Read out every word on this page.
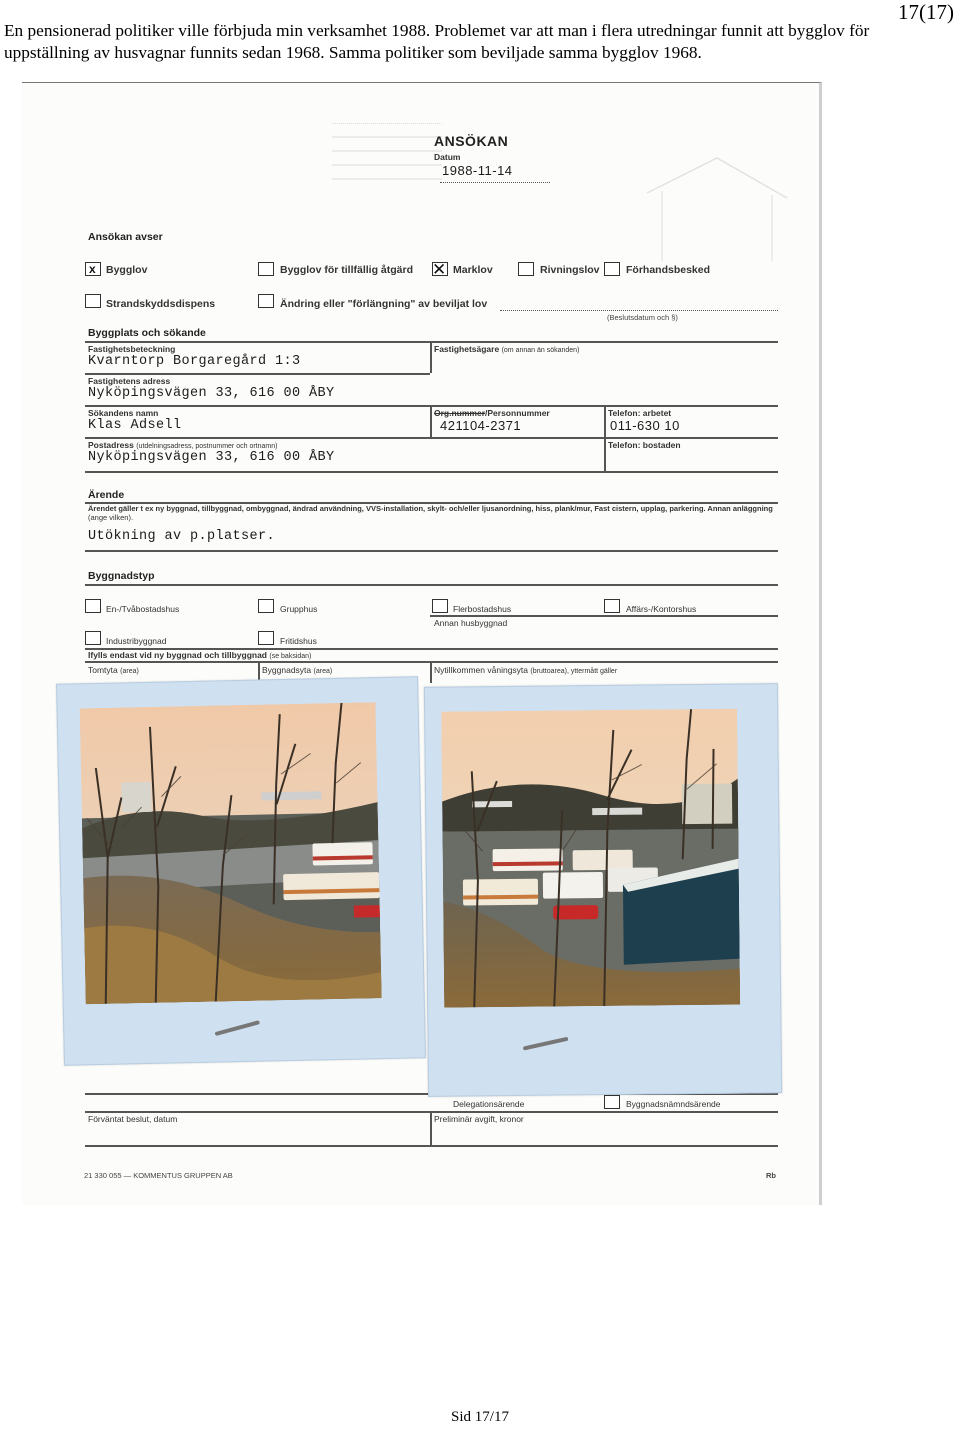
17(17)
En pensionerad politiker ville förbjuda min verksamhet 1988. Problemet var att man i flera utredningar funnit att bygglov för uppställning av husvagnar funnits sedan 1968. Samma politiker som beviljade samma bygglov 1968.
ANSÖKAN
Datum
1988-11-14
Ansökan avser
x Bygglov	Bygglov för tillfällig åtgärd ✕ Marklov	Rivningslov	Förhandsbesked
Strandskyddsdispens	Ändring eller "förlängning" av beviljat lov
(Beslutsdatum och §)
Byggplats och sökande
Fastighetsbeteckning
Kvarntorp Borgaregård 1:3
Fastighetsägare (om annan än sökanden)
Fastighetens adress
Nyköpingsvägen 33, 616 00 ÅBY
Sökandens namn
Klas Adsell
Org.nummer/Personnummer
421104-2371
Telefon: arbetet
011-630 10
Postadress (utdelningsadress, postnummer och ortnamn)
Nyköpingsvägen 33, 616 00 ÅBY
Telefon: bostaden
Ärende
Ärendet gäller t ex ny byggnad, tillbyggnad, ombyggnad, ändrad användning, VVS-installation, skylt- och/eller ljusanordning, hiss, plank/mur, Fast cistern, upplag, parkering. Annan anläggning (ange vilken).
Utökning av p.platser.
Byggnadstyp
En-/Tvåbostadshus	Grupphus	Flerbostadshus	Affärs-/Kontorshus
Annan husbyggnad
Industribyggnad	Fritidshus
Ifylls endast vid ny byggnad och tillbyggnad (se baksidan)
Tomtyta (area)	Byggnadsyta (area)	Nytillkommen våningsyta (bruttoarea), yttermått gäller
Delegationsärende	Byggnadsnämndsärende
Förväntat beslut, datum	Preliminär avgift, kronor
21 330 055 — KOMMENTUS GRUPPEN AB	Rb
Sid 17/17
